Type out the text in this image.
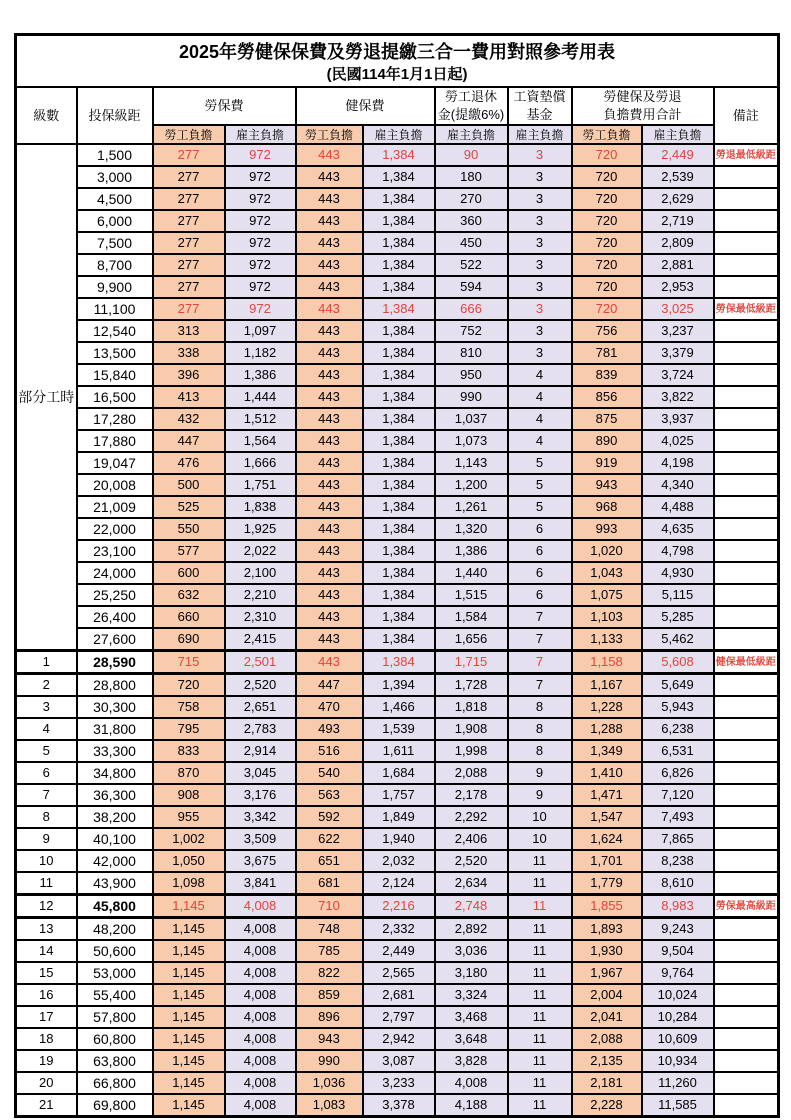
2025年勞健保保費及勞退提繳三合一費用對照參考用表
(民國114年1月1日起)										

級數	投保級距	勞保費		健保費		勞工退休
金(提繳6%)	工資墊償
基金	勞健保及勞退
負擔費用合計		備註
		勞工負擔	雇主負擔	勞工負擔	雇主負擔	雇主負擔	雇主負擔	勞工負擔	雇主負擔	
部分工時	1,500	277	972	443	1,384	90	3	720	2,449	勞退最低級距
	3,000	277	972	443	1,384	180	3	720	2,539	
	4,500	277	972	443	1,384	270	3	720	2,629	
	6,000	277	972	443	1,384	360	3	720	2,719	
	7,500	277	972	443	1,384	450	3	720	2,809	
	8,700	277	972	443	1,384	522	3	720	2,881	
	9,900	277	972	443	1,384	594	3	720	2,953	
	11,100	277	972	443	1,384	666	3	720	3,025	勞保最低級距
	12,540	313	1,097	443	1,384	752	3	756	3,237	
	13,500	338	1,182	443	1,384	810	3	781	3,379	
	15,840	396	1,386	443	1,384	950	4	839	3,724	
	16,500	413	1,444	443	1,384	990	4	856	3,822	
	17,280	432	1,512	443	1,384	1,037	4	875	3,937	
	17,880	447	1,564	443	1,384	1,073	4	890	4,025	
	19,047	476	1,666	443	1,384	1,143	5	919	4,198	
	20,008	500	1,751	443	1,384	1,200	5	943	4,340	
	21,009	525	1,838	443	1,384	1,261	5	968	4,488	
	22,000	550	1,925	443	1,384	1,320	6	993	4,635	
	23,100	577	2,022	443	1,384	1,386	6	1,020	4,798	
	24,000	600	2,100	443	1,384	1,440	6	1,043	4,930	
	25,250	632	2,210	443	1,384	1,515	6	1,075	5,115	
	26,400	660	2,310	443	1,384	1,584	7	1,103	5,285	
	27,600	690	2,415	443	1,384	1,656	7	1,133	5,462	
1	28,590	715	2,501	443	1,384	1,715	7	1,158	5,608	健保最低級距
2	28,800	720	2,520	447	1,394	1,728	7	1,167	5,649	
3	30,300	758	2,651	470	1,466	1,818	8	1,228	5,943	
4	31,800	795	2,783	493	1,539	1,908	8	1,288	6,238	
5	33,300	833	2,914	516	1,611	1,998	8	1,349	6,531	
6	34,800	870	3,045	540	1,684	2,088	9	1,410	6,826	
7	36,300	908	3,176	563	1,757	2,178	9	1,471	7,120	
8	38,200	955	3,342	592	1,849	2,292	10	1,547	7,493	
9	40,100	1,002	3,509	622	1,940	2,406	10	1,624	7,865	
10	42,000	1,050	3,675	651	2,032	2,520	11	1,701	8,238	
11	43,900	1,098	3,841	681	2,124	2,634	11	1,779	8,610	
12	45,800	1,145	4,008	710	2,216	2,748	11	1,855	8,983	勞保最高級距
13	48,200	1,145	4,008	748	2,332	2,892	11	1,893	9,243	
14	50,600	1,145	4,008	785	2,449	3,036	11	1,930	9,504	
15	53,000	1,145	4,008	822	2,565	3,180	11	1,967	9,764	
16	55,400	1,145	4,008	859	2,681	3,324	11	2,004	10,024	
17	57,800	1,145	4,008	896	2,797	3,468	11	2,041	10,284	
18	60,800	1,145	4,008	943	2,942	3,648	11	2,088	10,609	
19	63,800	1,145	4,008	990	3,087	3,828	11	2,135	10,934	
20	66,800	1,145	4,008	1,036	3,233	4,008	11	2,181	11,260	
21	69,800	1,145	4,008	1,083	3,378	4,188	11	2,228	11,585	
